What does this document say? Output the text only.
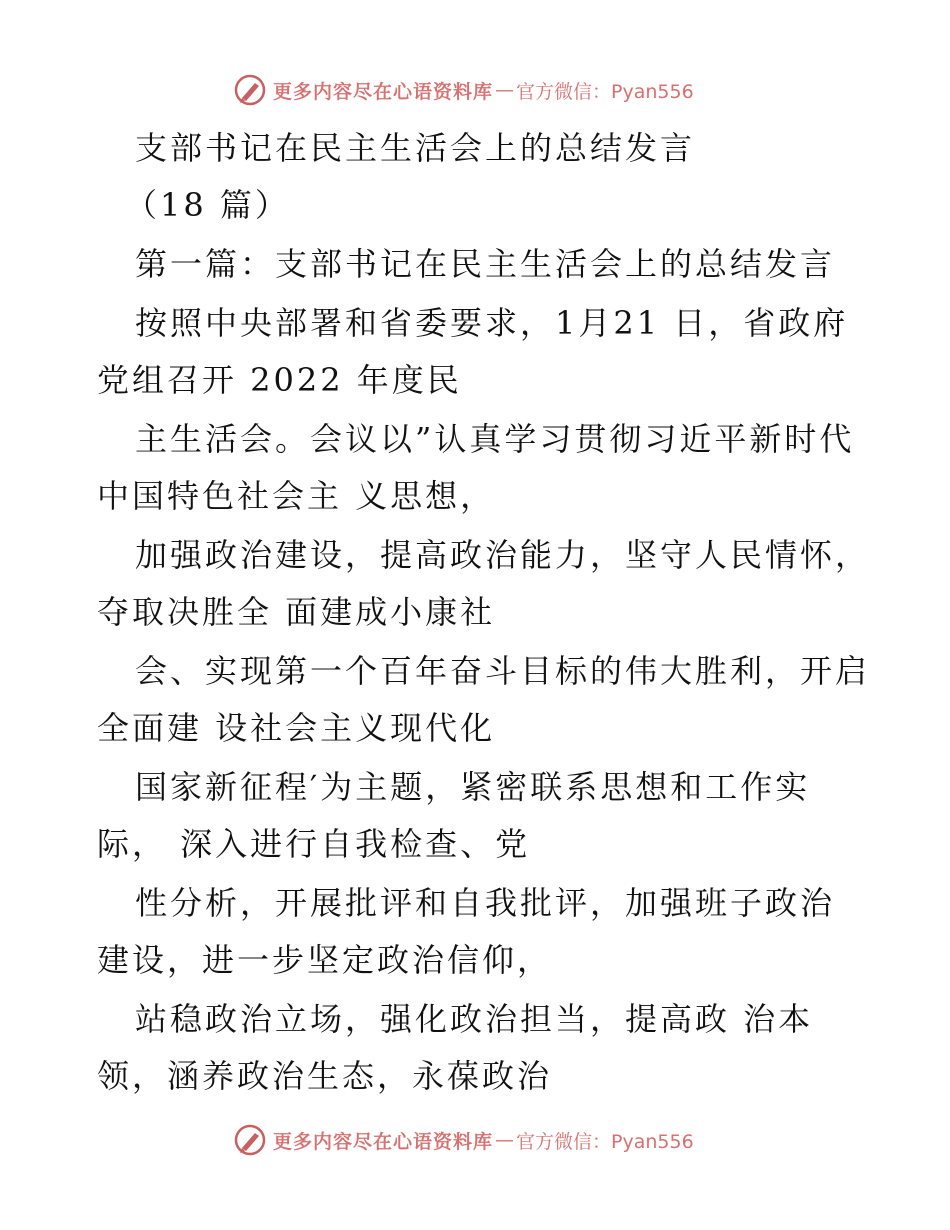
更多内容尽在心语资料库 — 官方微信：Pyan556
支部书记在民主生活会上的总结发言
（18 篇）
第一篇：支部书记在民主生活会上的总结发言
按照中央部署和省委要求，1月21 日，省政府
党组召开 2022 年度民
主生活会。会议以”认真学习贯彻习近平新时代
中国特色社会主 义思想，
加强政治建设，提高政治能力，坚守人民情怀，
夺取决胜全 面建成小康社
会、实现第一个百年奋斗目标的伟大胜利，开启
全面建 设社会主义现代化
国家新征程′为主题，紧密联系思想和工作实
际， 深入进行自我检查、党
性分析，开展批评和自我批评，加强班子政治
建设，进一步坚定政治信仰，
站稳政治立场，强化政治担当，提高政 治本
领，涵养政治生态，永葆政治
更多内容尽在心语资料库 — 官方微信：Pyan556
